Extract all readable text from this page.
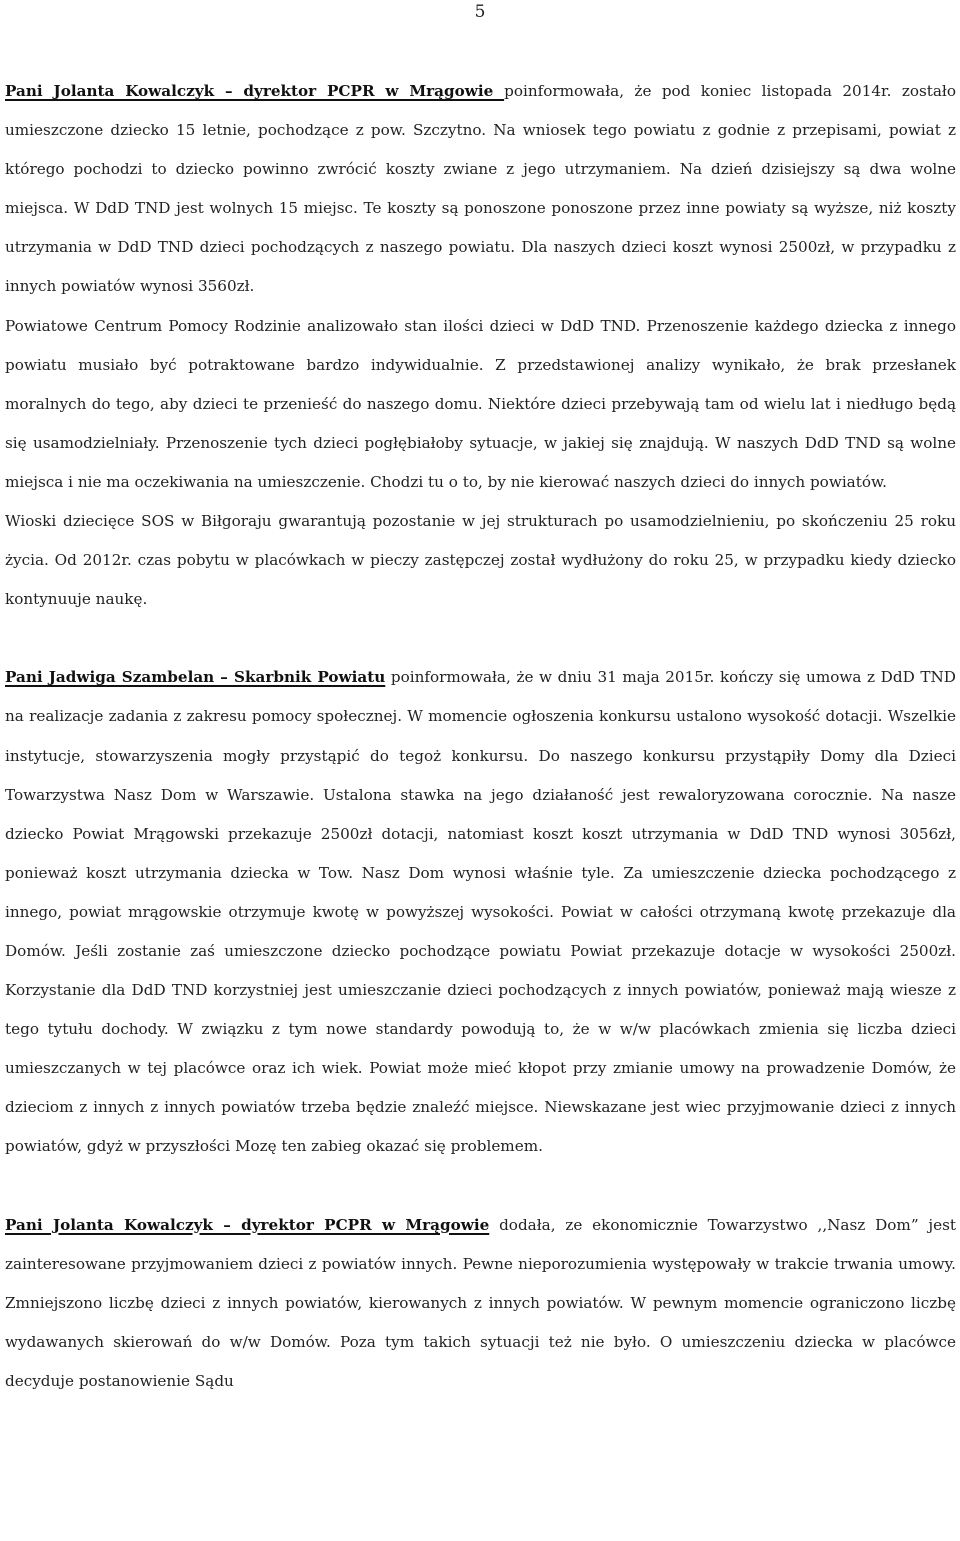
5

Pani Jolanta Kowalczyk – dyrektor PCPR w Mrągowie poinformowała, że pod koniec listopada 2014r. zostało umieszczone dziecko 15 letnie, pochodzące z pow. Szczytno. Na wniosek tego powiatu z godnie z przepisami, powiat z którego pochodzi to dziecko powinno zwrócić koszty zwiane z jego utrzymaniem. Na dzień dzisiejszy są dwa wolne miejsca. W DdD TND jest wolnych 15 miejsc. Te koszty są ponoszone ponoszone przez inne powiaty są wyższe, niż koszty utrzymania w DdD TND dzieci pochodzących z naszego powiatu. Dla naszych dzieci koszt wynosi 2500zł, w przypadku z innych powiatów wynosi 3560zł.

Powiatowe Centrum Pomocy Rodzinie analizowało stan ilości dzieci w DdD TND. Przenoszenie każdego dziecka z innego powiatu musiało być potraktowane bardzo indywidualnie. Z przedstawionej analizy wynikało, że brak przesłanek moralnych do tego, aby dzieci te przenieść do naszego domu. Niektóre dzieci przebywają tam od wielu lat i niedługo będą się usamodzielniały. Przenoszenie tych dzieci pogłębiałoby sytuacje, w jakiej się znajdują. W naszych DdD TND są wolne miejsca i nie ma oczekiwania na umieszczenie. Chodzi tu o to, by nie kierować naszych dzieci do innych powiatów.

Wioski dziecięce SOS w Biłgoraju gwarantują pozostanie w jej strukturach po usamodzielnieniu, po skończeniu 25 roku życia. Od 2012r. czas pobytu w placówkach w pieczy zastępczej został wydłużony do roku 25, w przypadku kiedy dziecko kontynuuje naukę.

Pani Jadwiga Szambelan – Skarbnik Powiatu poinformowała, że w dniu 31 maja 2015r. kończy się umowa z DdD TND na realizacje zadania z zakresu pomocy społecznej. W momencie ogłoszenia konkursu ustalono wysokość dotacji. Wszelkie instytucje, stowarzyszenia mogły przystąpić do tegoż konkursu. Do naszego konkursu przystąpiły Domy dla Dzieci Towarzystwa Nasz Dom w Warszawie. Ustalona stawka na jego działaność jest rewaloryzowana corocznie. Na nasze dziecko Powiat Mrągowski przekazuje 2500zł dotacji, natomiast koszt koszt utrzymania w DdD TND wynosi 3056zł, ponieważ koszt utrzymania dziecka w Tow. Nasz Dom wynosi właśnie tyle. Za umieszczenie dziecka pochodzącego z innego, powiat mrągowskie otrzymuje kwotę w powyższej wysokości. Powiat w całości otrzymaną kwotę przekazuje dla Domów. Jeśli zostanie zaś umieszczone dziecko pochodzące powiatu Powiat przekazuje dotacje w wysokości 2500zł. Korzystanie dla DdD TND korzystniej jest umieszczanie dzieci pochodzących z innych powiatów, ponieważ mają wiesze z tego tytułu dochody. W związku z tym nowe standardy powodują to, że w w/w placówkach zmienia się liczba dzieci umieszczanych w tej placówce oraz ich wiek. Powiat może mieć kłopot przy zmianie umowy na prowadzenie Domów, że dzieciom z innych z innych powiatów trzeba będzie znaleźć miejsce. Niewskazane jest wiec przyjmowanie dzieci z innych powiatów, gdyż w przyszłości Mozę ten zabieg okazać się problemem.

Pani Jolanta Kowalczyk – dyrektor PCPR w Mrągowie dodała, ze ekonomicznie Towarzystwo ,,Nasz Dom” jest zainteresowane przyjmowaniem dzieci z powiatów innych. Pewne nieporozumienia występowały w trakcie trwania umowy. Zmniejszono liczbę dzieci z innych powiatów, kierowanych z innych powiatów. W pewnym momencie ograniczono liczbę wydawanych skierowań do w/w Domów. Poza tym takich sytuacji też nie było. O umieszczeniu dziecka w placówce decyduje postanowienie Sądu
